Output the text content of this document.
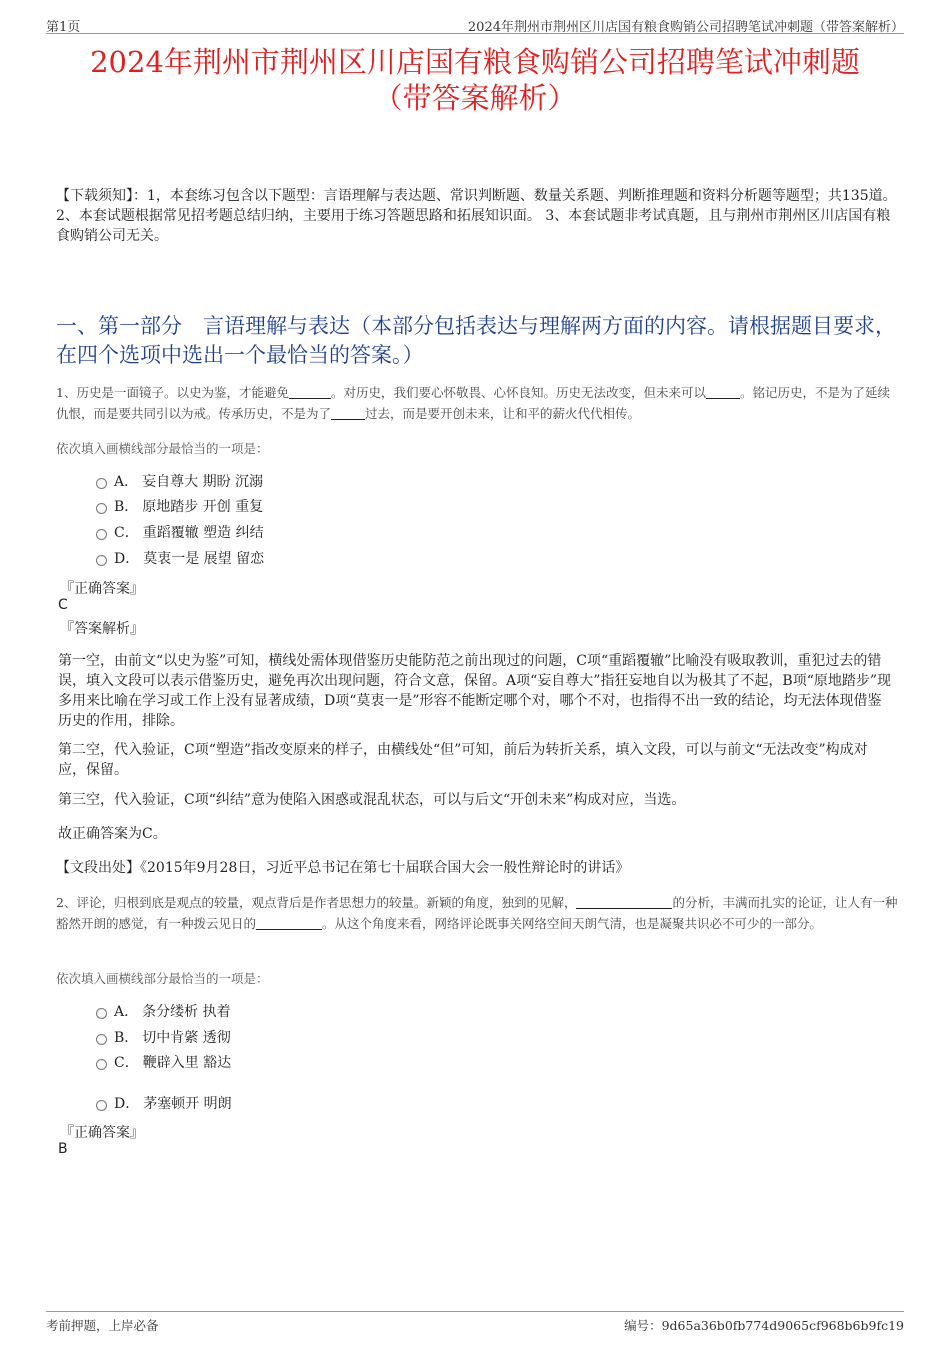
第1页	2024年荆州市荆州区川店国有粮食购销公司招聘笔试冲刺题（带答案解析）
2024年荆州市荆州区川店国有粮食购销公司招聘笔试冲刺题
（带答案解析）
【下载须知】：1，本套练习包含以下题型：言语理解与表达题、常识判断题、数量关系题、判断推理题和资料分析题等题型；共135道。 2、本套试题根据常见招考题总结归纳，主要用于练习答题思路和拓展知识面。 3、本套试题非考试真题，且与荆州市荆州区川店国有粮食购销公司无关。
一、第一部分　言语理解与表达（本部分包括表达与理解两方面的内容。请根据题目要求，在四个选项中选出一个最恰当的答案。）
1、历史是一面镜子。以史为鉴，才能避免	。对历史，我们要心怀敬畏、心怀良知。历史无法改变，但未来可以	。铭记历史，不是为了延续仇恨，而是要共同引以为戒。传承历史，不是为了	过去，而是要开创未来，让和平的薪火代代相传。
依次填入画横线部分最恰当的一项是：
A． 妄自尊大 期盼 沉溺
B． 原地踏步 开创 重复
C． 重蹈覆辙 塑造 纠结
D． 莫衷一是 展望 留恋
『正确答案』
C
『答案解析』
第一空，由前文“以史为鉴”可知，横线处需体现借鉴历史能防范之前出现过的问题，C项“重蹈覆辙”比喻没有吸取教训，重犯过去的错误，填入文段可以表示借鉴历史，避免再次出现问题，符合文意，保留。A项“妄自尊大”指狂妄地自以为极其了不起，B项“原地踏步”现多用来比喻在学习或工作上没有显著成绩，D项“莫衷一是”形容不能断定哪个对，哪个不对，也指得不出一致的结论，均无法体现借鉴历史的作用，排除。
第二空，代入验证，C项“塑造”指改变原来的样子，由横线处“但”可知，前后为转折关系，填入文段，可以与前文“无法改变”构成对应，保留。
第三空，代入验证，C项“纠结”意为使陷入困惑或混乱状态，可以与后文“开创未来”构成对应，当选。
故正确答案为C。
【文段出处】《2015年9月28日，习近平总书记在第七十届联合国大会一般性辩论时的讲话》
2、评论，归根到底是观点的较量，观点背后是作者思想力的较量。新颖的角度，独到的见解，	的分析，丰满而扎实的论证，让人有一种豁然开朗的感觉，有一种拨云见日的	。从这个角度来看，网络评论既事关网络空间天朗气清，也是凝聚共识必不可少的一部分。
依次填入画横线部分最恰当的一项是：
A． 条分缕析 执着
B． 切中肯綮 透彻
C． 鞭辟入里 豁达
D． 茅塞顿开 明朗
『正确答案』
B
考前押题，上岸必备	编号：9d65a36b0fb774d9065cf968b6b9fc19
